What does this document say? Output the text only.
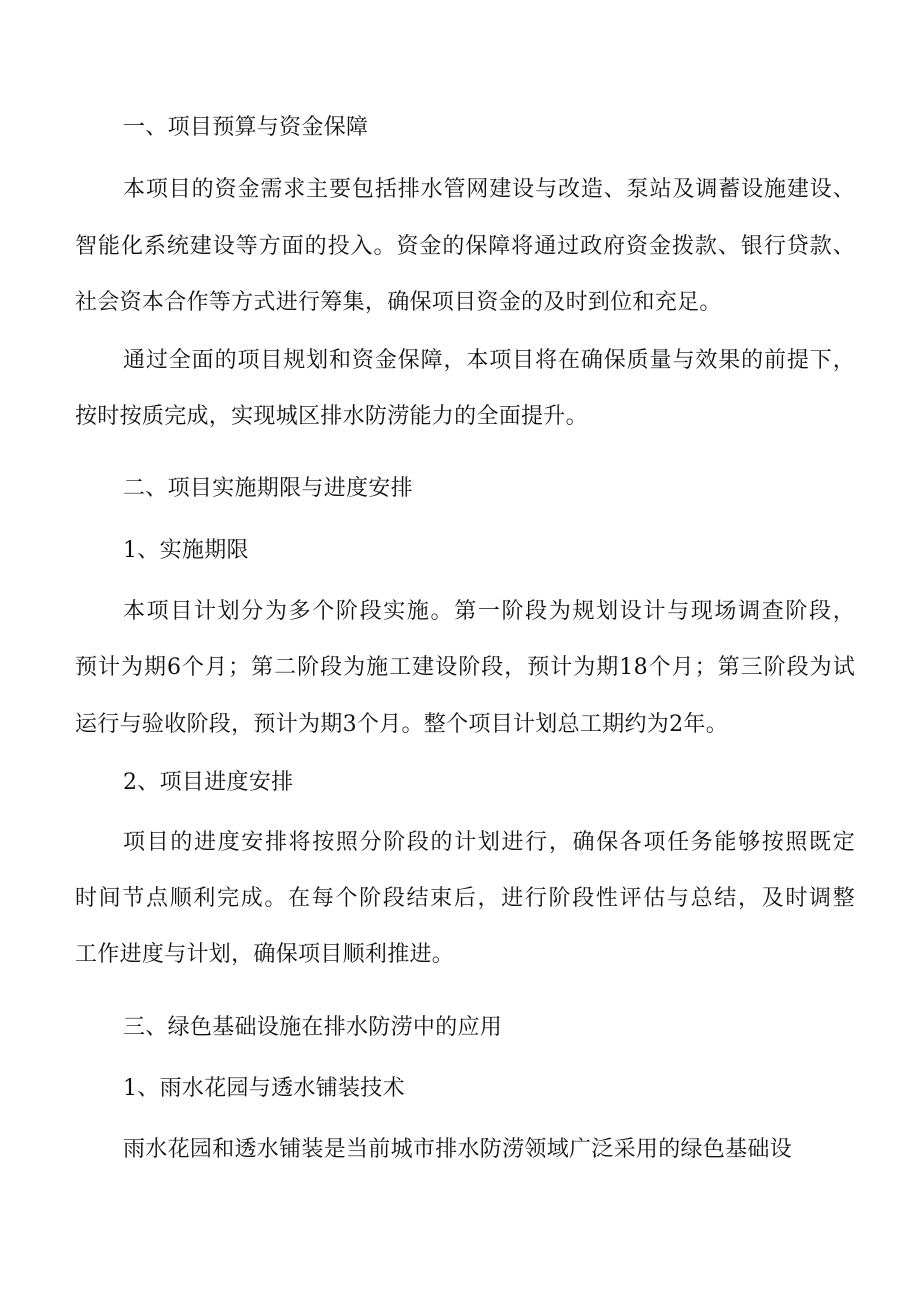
一、项目预算与资金保障
本项目的资金需求主要包括排水管网建设与改造、泵站及调蓄设施建设、
智能化系统建设等方面的投入。资金的保障将通过政府资金拨款、银行贷款、
社会资本合作等方式进行筹集，确保项目资金的及时到位和充足。
通过全面的项目规划和资金保障，本项目将在确保质量与效果的前提下，
按时按质完成，实现城区排水防涝能力的全面提升。
二、项目实施期限与进度安排
1、实施期限
本项目计划分为多个阶段实施。第一阶段为规划设计与现场调查阶段，
预计为期6个月；第二阶段为施工建设阶段，预计为期18个月；第三阶段为试
运行与验收阶段，预计为期3个月。整个项目计划总工期约为2年。
2、项目进度安排
项目的进度安排将按照分阶段的计划进行，确保各项任务能够按照既定
时间节点顺利完成。在每个阶段结束后，进行阶段性评估与总结，及时调整
工作进度与计划，确保项目顺利推进。
三、绿色基础设施在排水防涝中的应用
1、雨水花园与透水铺装技术
雨水花园和透水铺装是当前城市排水防涝领域广泛采用的绿色基础设
